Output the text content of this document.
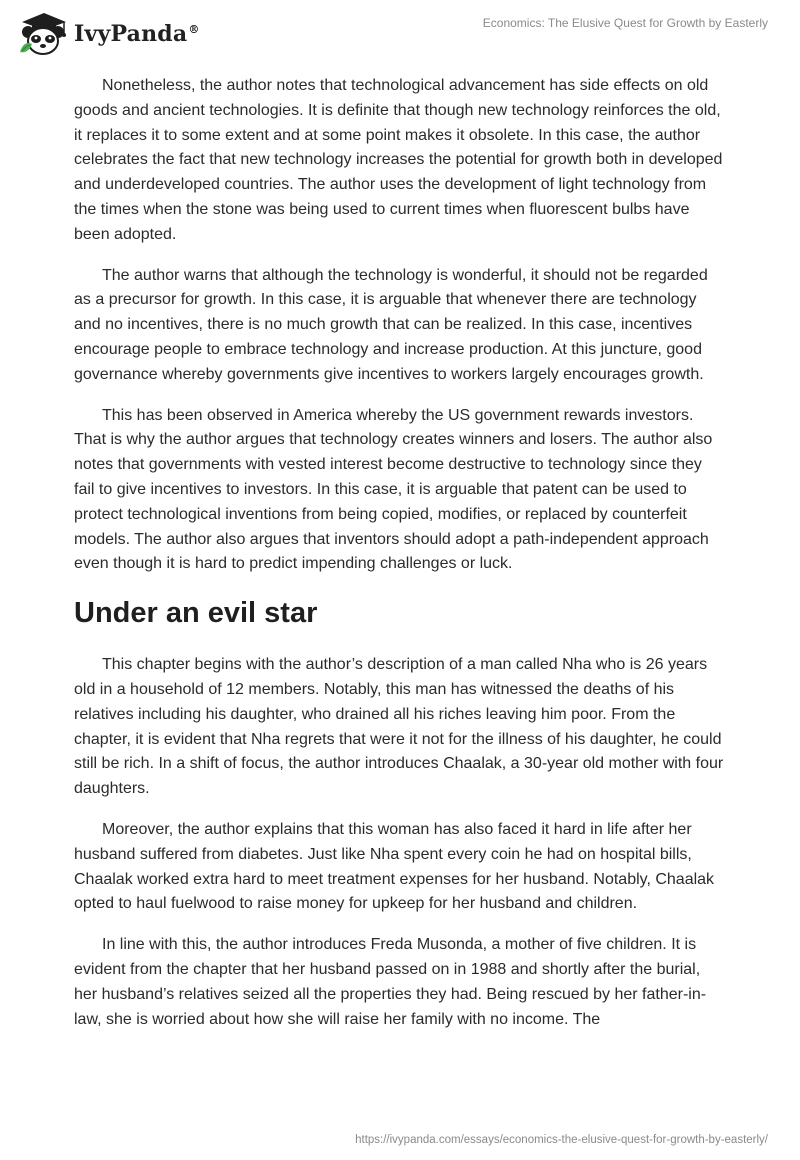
IvyPanda®	Economics: The Elusive Quest for Growth by Easterly

Nonetheless, the author notes that technological advancement has side effects on old goods and ancient technologies. It is definite that though new technology reinforces the old, it replaces it to some extent and at some point makes it obsolete. In this case, the author celebrates the fact that new technology increases the potential for growth both in developed and underdeveloped countries. The author uses the development of light technology from the times when the stone was being used to current times when fluorescent bulbs have been adopted.

The author warns that although the technology is wonderful, it should not be regarded as a precursor for growth. In this case, it is arguable that whenever there are technology and no incentives, there is no much growth that can be realized. In this case, incentives encourage people to embrace technology and increase production. At this juncture, good governance whereby governments give incentives to workers largely encourages growth.

This has been observed in America whereby the US government rewards investors. That is why the author argues that technology creates winners and losers. The author also notes that governments with vested interest become destructive to technology since they fail to give incentives to investors. In this case, it is arguable that patent can be used to protect technological inventions from being copied, modifies, or replaced by counterfeit models. The author also argues that inventors should adopt a path-independent approach even though it is hard to predict impending challenges or luck.

Under an evil star

This chapter begins with the author’s description of a man called Nha who is 26 years old in a household of 12 members. Notably, this man has witnessed the deaths of his relatives including his daughter, who drained all his riches leaving him poor. From the chapter, it is evident that Nha regrets that were it not for the illness of his daughter, he could still be rich. In a shift of focus, the author introduces Chaalak, a 30-year old mother with four daughters.

Moreover, the author explains that this woman has also faced it hard in life after her husband suffered from diabetes. Just like Nha spent every coin he had on hospital bills, Chaalak worked extra hard to meet treatment expenses for her husband. Notably, Chaalak opted to haul fuelwood to raise money for upkeep for her husband and children.

In line with this, the author introduces Freda Musonda, a mother of five children. It is evident from the chapter that her husband passed on in 1988 and shortly after the burial, her husband’s relatives seized all the properties they had. Being rescued by her father-in-law, she is worried about how she will raise her family with no income. The

https://ivypanda.com/essays/economics-the-elusive-quest-for-growth-by-easterly/
